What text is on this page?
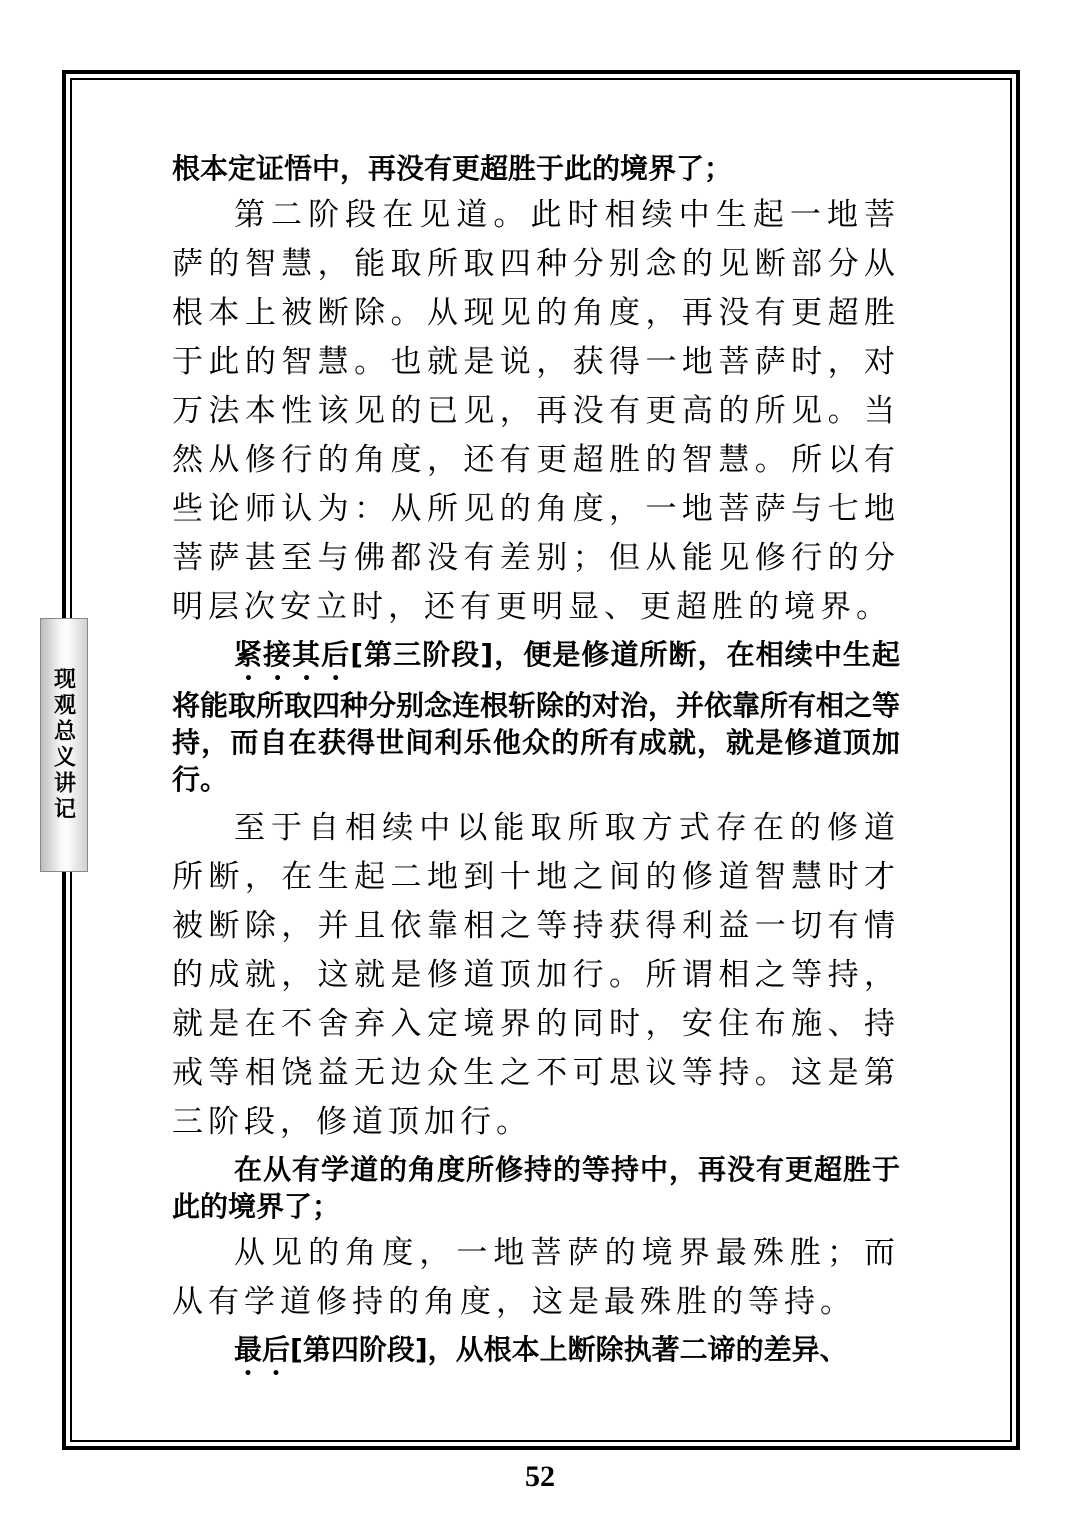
现观总义讲记

根本定证悟中，再没有更超胜于此的境界了；

第二阶段在见道。此时相续中生起一地菩萨的智慧，能取所取四种分别念的见断部分从根本上被断除。从现见的角度，再没有更超胜于此的智慧。也就是说，获得一地菩萨时，对万法本性该见的已见，再没有更高的所见。当然从修行的角度，还有更超胜的智慧。所以有些论师认为：从所见的角度，一地菩萨与七地菩萨甚至与佛都没有差别；但从能见修行的分明层次安立时，还有更明显、更超胜的境界。

紧接其后[第三阶段]，便是修道所断，在相续中生起将能取所取四种分别念连根斩除的对治，并依靠所有相之等持，而自在获得世间利乐他众的所有成就，就是修道顶加行。

至于自相续中以能取所取方式存在的修道所断，在生起二地到十地之间的修道智慧时才被断除，并且依靠相之等持获得利益一切有情的成就，这就是修道顶加行。所谓相之等持，就是在不舍弃入定境界的同时，安住布施、持戒等相饶益无边众生之不可思议等持。这是第三阶段，修道顶加行。

在从有学道的角度所修持的等持中，再没有更超胜于此的境界了；

从见的角度，一地菩萨的境界最殊胜；而从有学道修持的角度，这是最殊胜的等持。

最后[第四阶段]，从根本上断除执著二谛的差异、

52
